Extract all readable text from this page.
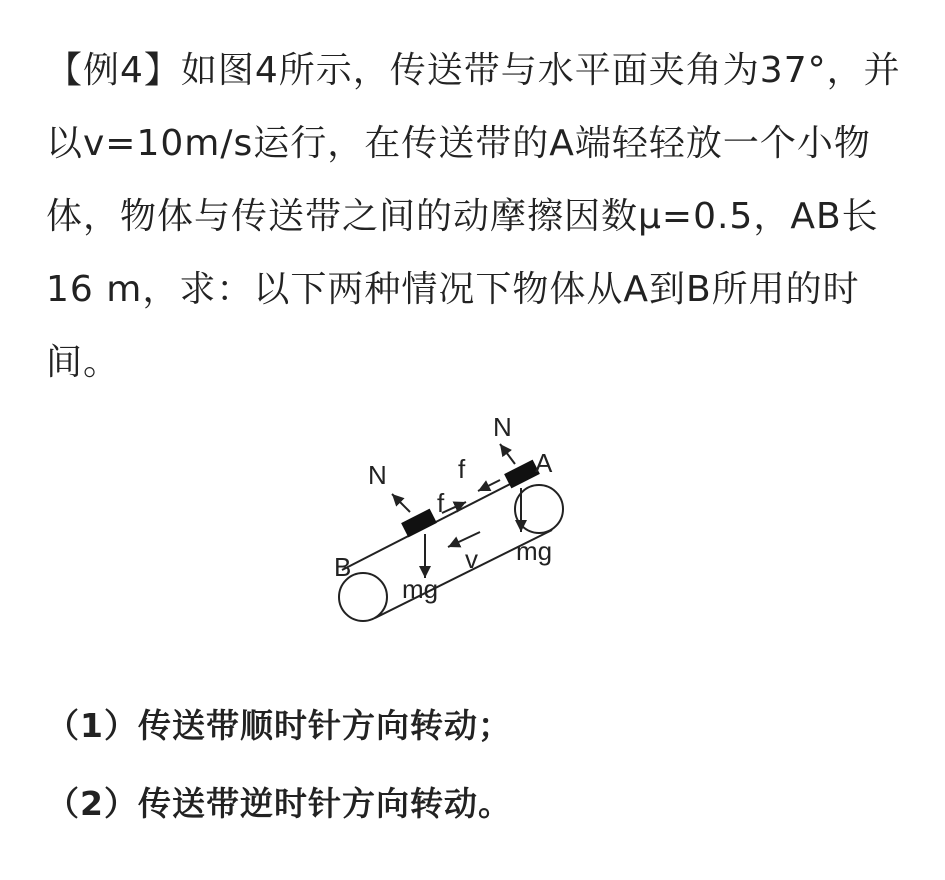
【例4】如图4所示，传送带与水平面夹角为37°，并
以v=10m/s运行，在传送带的A端轻轻放一个小物
体，物体与传送带之间的动摩擦因数μ=0.5，AB长
16 m，求：以下两种情况下物体从A到B所用的时
间。
N
N
f
f
A
B	v
mg
mg
（1）传送带顺时针方向转动；
（2）传送带逆时针方向转动。
